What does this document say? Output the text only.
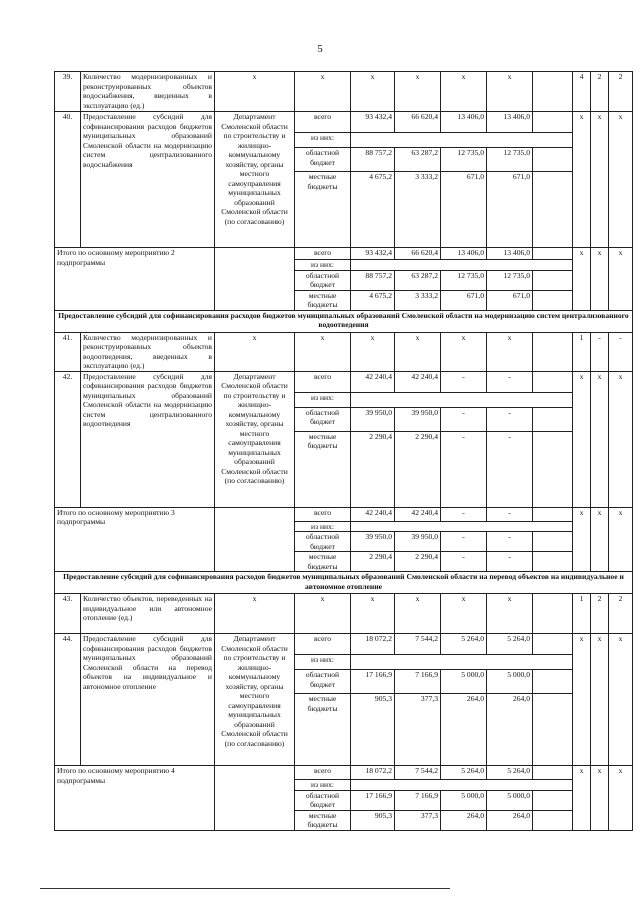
5
39.	Количество модернизированных и реконструированных объектов водоснабжения, введенных в эксплуатацию (ед.)	x	x	x	x	x	x		4	2	2
40.	Предоставление субсидий для софинансирования расходов бюджетов муниципальных образований Смоленской области на модернизацию систем централизованного водоснабжения	Департамент Смоленской области по строительству и жилищно-коммунальному хозяйству, органы местного самоуправления муниципальных образований Смоленской области (по согласованию)	всего	93 432,4	66 620,4	13 406,0	13 406,0		x	x	x
			из них:								
			областной бюджет	88 757,2	63 287,2	12 735,0	12 735,0				
			местные бюджеты	4 675,2	3 333,2	671,0	671,0				
Итого по основному мероприятию 2 подпрограммы			всего	93 432,4	66 620,4	13 406,0	13 406,0		x	x	x
			из них:								
			областной бюджет	88 757,2	63 287,2	12 735,0	12 735,0				
			местные бюджеты	4 675,2	3 333,2	671,0	671,0				
Предоставление субсидий для софинансирования расходов бюджетов муниципальных образований Смоленской области на модернизацию систем централизованного водоотведения											
41.	Количество модернизированных и реконструированных объектов водоотведения, введенных в эксплуатацию (ед.)	x	x	x	x	x	x		1	-	-
42.	Предоставление субсидий для софинансирования расходов бюджетов муниципальных образований Смоленской области на модернизацию систем централизованного водоотведения	Департамент Смоленской области по строительству и жилищно-коммунальному хозяйству, органы местного самоуправления муниципальных образований Смоленской области (по согласованию)	всего	42 240,4	42 240,4	-	-		x	x	x
			из них:								
			областной бюджет	39 950,0	39 950,0	-	-				
			местные бюджеты	2 290,4	2 290,4	-	-				
Итого по основному мероприятию 3 подпрограммы			всего	42 240,4	42 240,4	-	-		x	x	x
			из них:								
			областной бюджет	39 950,0	39 950,0	-	-				
			местные бюджеты	2 290,4	2 290,4	-	-				
Предоставление субсидий для софинансирования расходов бюджетов муниципальных образований Смоленской области на перевод объектов на индивидуальное и автономное отопление											
43.	Количество объектов, переведенных на индивидуальное или автономное отопление (ед.)	x	x	x	x	x	x		1	2	2
44.	Предоставление субсидий для софинансирования расходов бюджетов муниципальных образований Смоленской области на перевод объектов на индивидуальное и автономное отопление	Департамент Смоленской области по строительству и жилищно-коммунальному хозяйству, органы местного самоуправления муниципальных образований Смоленской области (по согласованию)	всего	18 072,2	7 544,2	5 264,0	5 264,0		x	x	x
			из них:								
			областной бюджет	17 166,9	7 166,9	5 000,0	5 000,0				
			местные бюджеты	905,3	377,3	264,0	264,0				
Итого по основному мероприятию 4 подпрограммы			всего	18 072,2	7 544,2	5 264,0	5 264,0		x	x	x
			из них:								
			областной бюджет	17 166,9	7 166,9	5 000,0	5 000,0				
			местные бюджеты	905,3	377,3	264,0	264,0				
